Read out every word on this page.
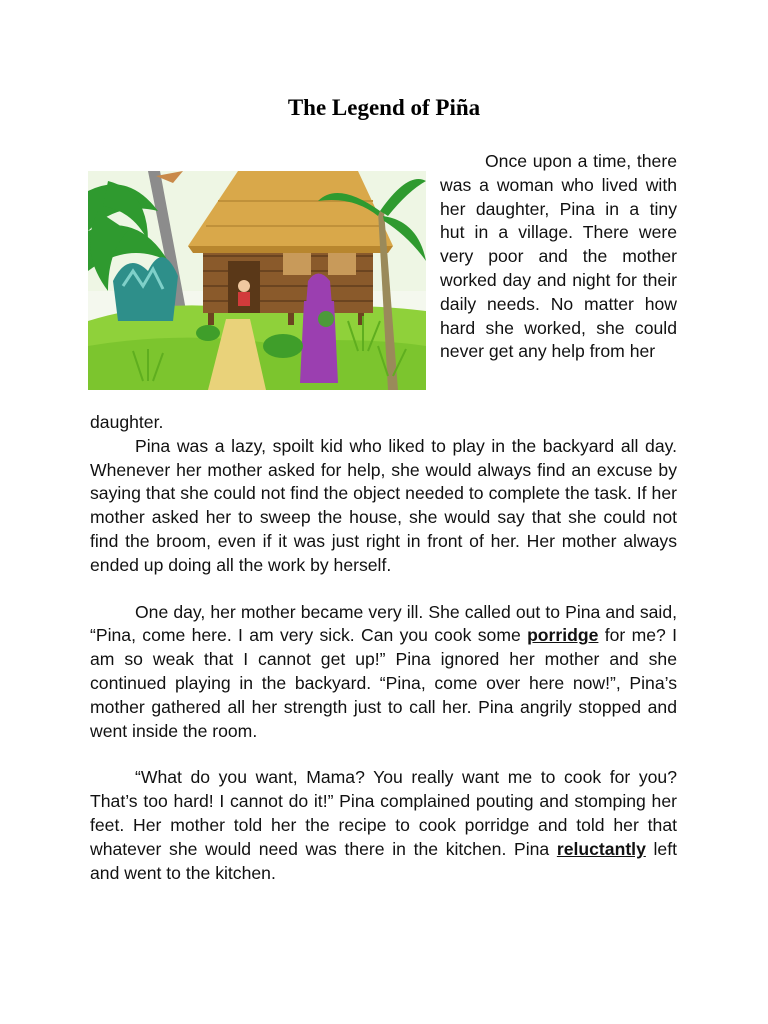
The Legend of Piña

Once upon a time, there was a woman who lived with her daughter, Pina in a tiny hut in a village. There were very poor and the mother worked day and night for their daily needs. No matter how hard she worked, she could never get any help from her

daughter.

Pina was a lazy, spoilt kid who liked to play in the backyard all day. Whenever her mother asked for help, she would always find an excuse by saying that she could not find the object needed to complete the task. If her mother asked her to sweep the house, she would say that she could not find the broom, even if it was just right in front of her. Her mother always ended up doing all the work by herself.

One day, her mother became very ill. She called out to Pina and said, “Pina, come here. I am very sick. Can you cook some porridge for me? I am so weak that I cannot get up!” Pina ignored her mother and she continued playing in the backyard. “Pina, come over here now!”, Pina’s mother gathered all her strength just to call her. Pina angrily stopped and went inside the room.

“What do you want, Mama? You really want me to cook for you? That’s too hard! I cannot do it!” Pina complained pouting and stomping her feet. Her mother told her the recipe to cook porridge and told her that whatever she would need was there in the kitchen. Pina reluctantly left and went to the kitchen.
